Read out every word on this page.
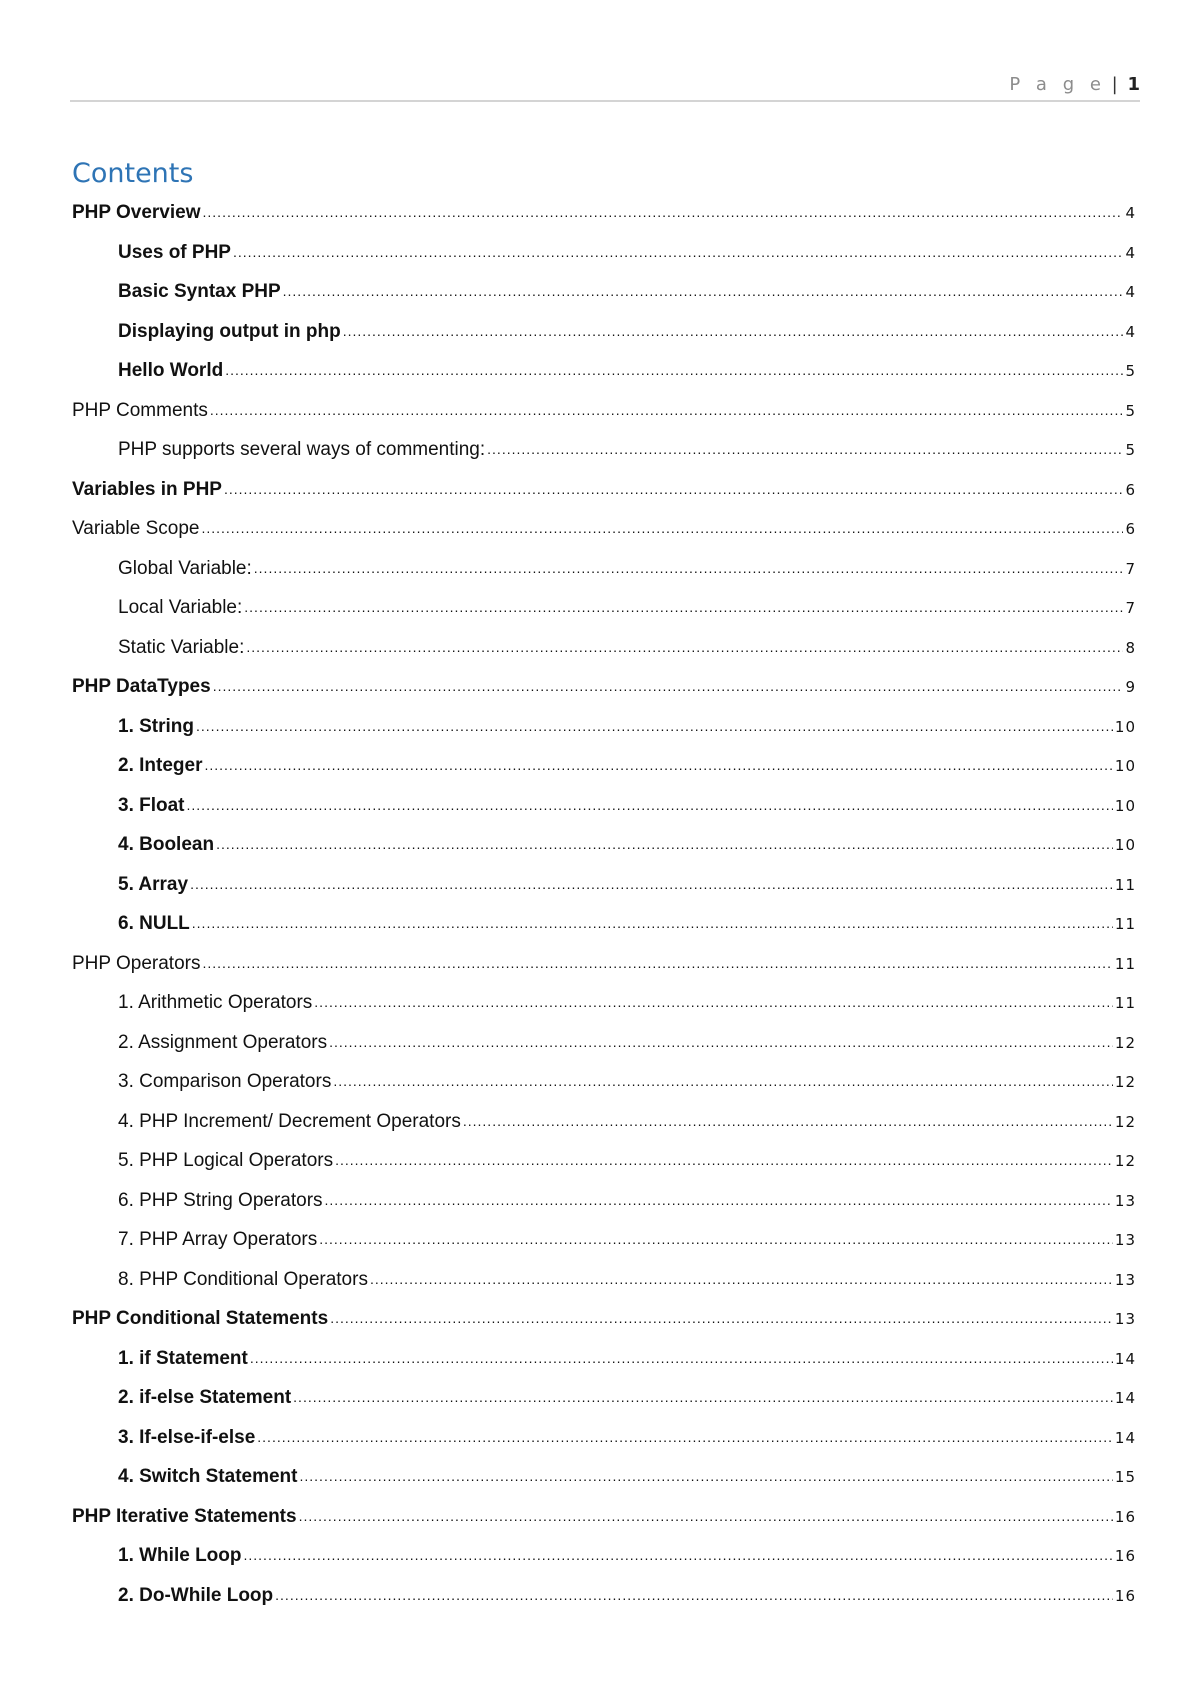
P a g e | 1
Contents
PHP Overview .....	4
Uses of PHP .....	4
Basic Syntax PHP .....	4
Displaying output in php .....	4
Hello World .....	5
PHP Comments .....	5
PHP supports several ways of commenting: .....	5
Variables in PHP .....	6
Variable Scope .....	6
Global Variable: .....	7
Local Variable: .....	7
Static Variable: .....	8
PHP DataTypes .....	9
1. String .....	10
2. Integer .....	10
3. Float .....	10
4. Boolean .....	10
5. Array .....	11
6. NULL .....	11
PHP Operators .....	11
1. Arithmetic Operators .....	11
2. Assignment Operators .....	12
3. Comparison Operators .....	12
4. PHP Increment/ Decrement Operators .....	12
5. PHP Logical Operators .....	12
6. PHP String Operators .....	13
7. PHP Array Operators .....	13
8. PHP Conditional Operators .....	13
PHP Conditional Statements .....	13
1. if Statement .....	14
2. if-else Statement .....	14
3. If-else-if-else .....	14
4. Switch Statement .....	15
PHP Iterative Statements .....	16
1. While Loop .....	16
2. Do-While Loop .....	16
